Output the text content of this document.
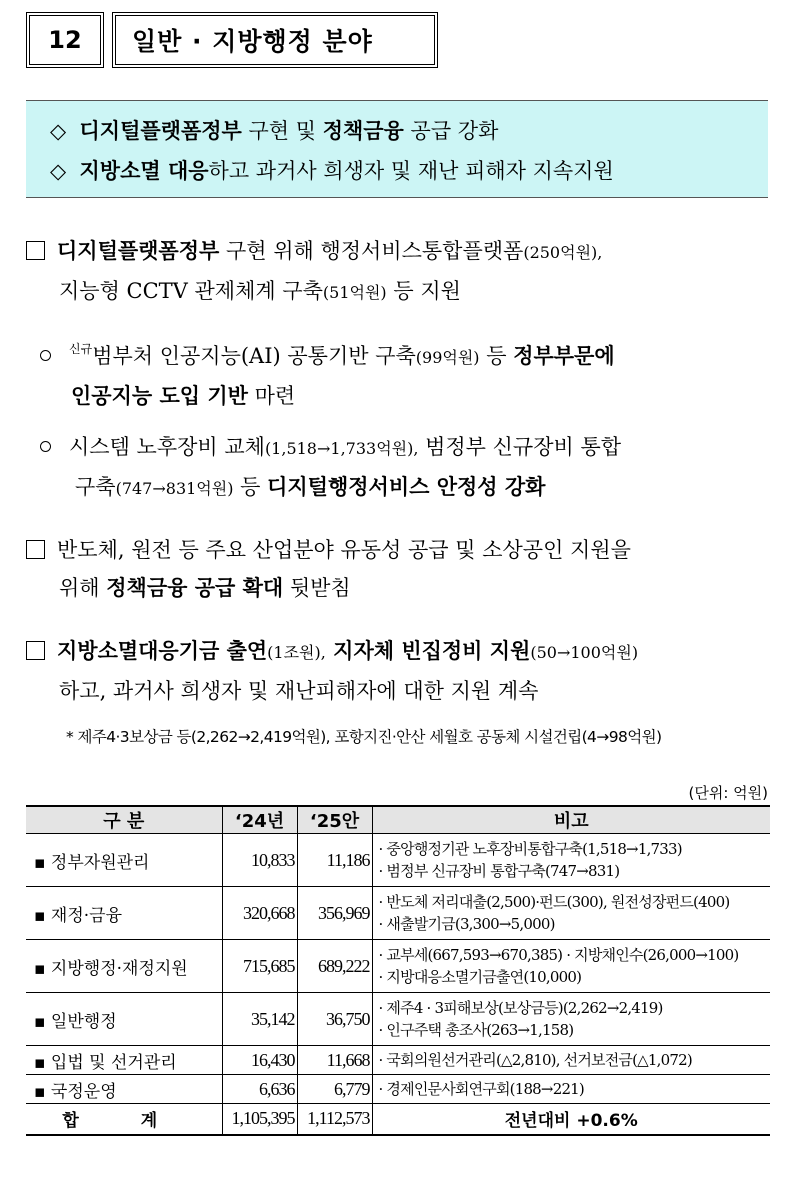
12	일반 · 지방행정 분야
◇ 디지털플랫폼정부 구현 및 정책금융 공급 강화
◇ 지방소멸 대응하고 과거사 희생자 및 재난 피해자 지속지원
디지털플랫폼정부 구현 위해 행정서비스통합플랫폼(250억원),
지능형 CCTV 관제체계 구축(51억원) 등 지원
$^{신규}$범부처 인공지능(AI) 공통기반 구축(99억원) 등 정부부문에
인공지능 도입 기반 마련
시스템 노후장비 교체(1,518→1,733억원), 범정부 신규장비 통합
구축(747→831억원) 등 디지털행정서비스 안정성 강화
반도체, 원전 등 주요 산업분야 유동성 공급 및 소상공인 지원을
위해 정책금융 공급 확대 뒷받침
지방소멸대응기금 출연(1조원), 지자체 빈집정비 지원(50→100억원)
하고, 과거사 희생자 및 재난피해자에 대한 지원 계속
* 제주4·3보상금 등(2,262→2,419억원), 포항지진·안산 세월호 공동체 시설건립(4→98억원)
(단위: 억원)
구 분	‘24년	‘25안	비고
▪ 정부자원관리	10,833	11,186	· 중앙행정기관 노후장비통합구축(1,518→1,733)
· 범정부 신규장비 통합구축(747→831)

▪ 재정·금융	320,668	356,969	· 반도체 저리대출(2,500)·펀드(300), 원전성장펀드(400)
· 새출발기금(3,300→5,000)

▪ 지방행정·재정지원	715,685	689,222	· 교부세(667,593→670,385) · 지방채인수(26,000→100)
· 지방대응소멸기금출연(10,000)

▪ 일반행정	35,142	36,750	· 제주4 · 3피해보상(보상금등)(2,262→2,419)
· 인구주택 총조사(263→1,158)

▪ 입법 및 선거관리	16,430	11,668	· 국회의원선거관리(△2,810), 선거보전금(△1,072)

▪ 국정운영	6,636	6,779	· 경제인문사회연구회(188→221)

합 계	1,105,395	1,112,573	전년대비 +0.6%
